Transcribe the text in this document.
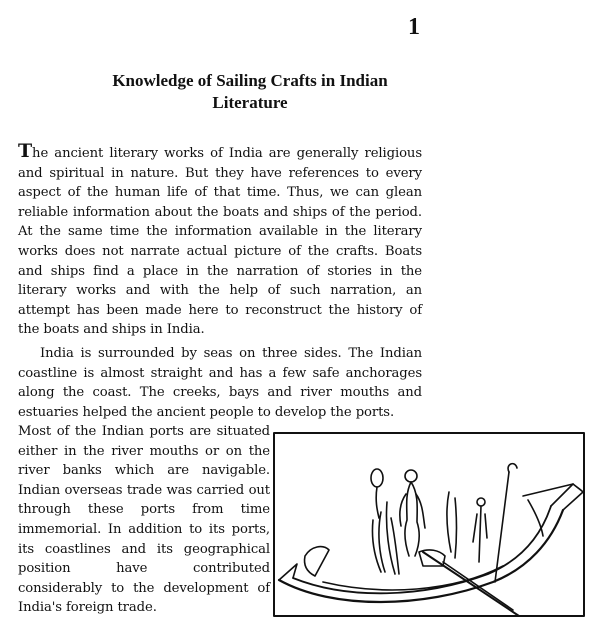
1
Knowledge of Sailing Crafts in Indian
Literature

The ancient literary works of India are generally religious and spiritual in nature. But they have references to every aspect of the human life of that time. Thus, we can glean reliable information about the boats and ships of the period. At the same time the information available in the literary works does not narrate actual picture of the crafts. Boats and ships find a place in the narration of stories in the literary works and with the help of such narration, an attempt has been made here to reconstruct the history of the boats and ships in India.

India is surrounded by seas on three sides. The Indian coastline is almost straight and has a few safe anchorages along the coast. The creeks, bays and river mouths and estuaries helped the ancient people to develop the ports.

Most of the Indian ports are situated either in the river mouths or on the river banks which are navigable. Indian overseas trade was carried out through these ports from time immemorial. In addition to its ports, its coastlines and its geographical position have contributed considerably to the development of India's foreign trade.
